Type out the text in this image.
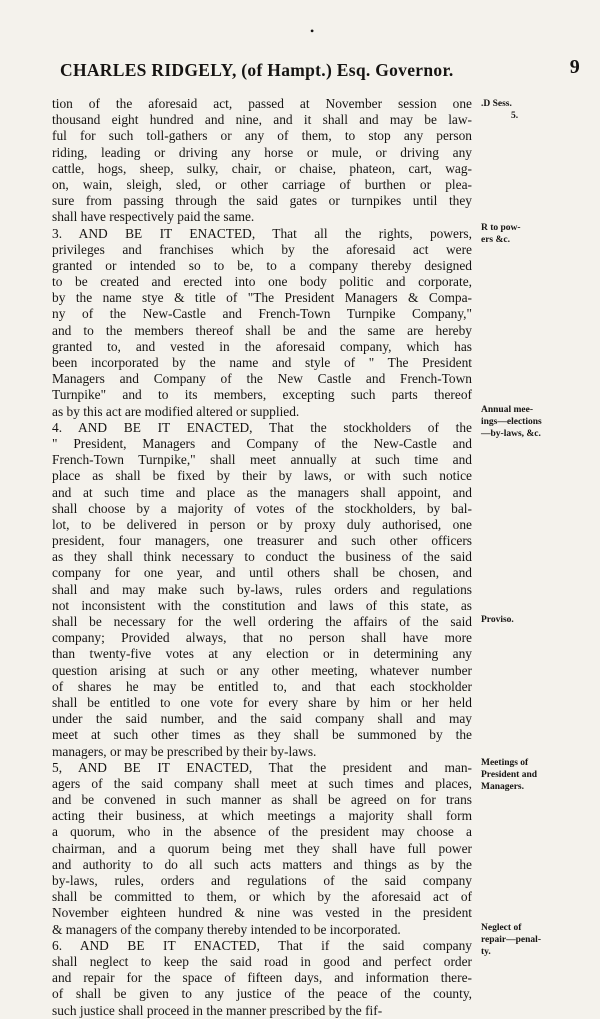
•
CHARLES RIDGELY, (of Hampt.) Esq. Governor.	9
tion of the aforesaid act, passed at November session one
thousand eight hundred and nine, and it shall and may be law-
ful for such toll-gathers or any of them, to stop any person
riding, leading or driving any horse or mule, or driving any
cattle, hogs, sheep, sulky, chair, or chaise, phateon, cart, wag-
on, wain, sleigh, sled, or other carriage of burthen or plea-
sure from passing through the said gates or turnpikes until they
shall have respectively paid the same.
3. AND BE IT ENACTED, That all the rights, powers,
privileges and franchises which by the aforesaid act were
granted or intended so to be, to a company thereby designed
to be created and erected into one body politic and corporate,
by the name stye & title of "The President Managers & Compa-
ny of the New-Castle and French-Town Turnpike Company,"
and to the members thereof shall be and the same are hereby
granted to, and vested in the aforesaid company, which has
been incorporated by the name and style of " The President
Managers and Company of the New Castle and French-Town
Turnpike" and to its members, excepting such parts thereof
as by this act are modified altered or supplied.
4. AND BE IT ENACTED, That the stockholders of the
" President, Managers and Company of the New-Castle and
French-Town Turnpike," shall meet annually at such time and
place as shall be fixed by their by laws, or with such notice
and at such time and place as the managers shall appoint, and
shall choose by a majority of votes of the stockholders, by bal-
lot, to be delivered in person or by proxy duly authorised, one
president, four managers, one treasurer and such other officers
as they shall think necessary to conduct the business of the said
company for one year, and until others shall be chosen, and
shall and may make such by-laws, rules orders and regulations
not inconsistent with the constitution and laws of this state, as
shall be necessary for the well ordering the affairs of the said
company; Provided always, that no person shall have more
than twenty-five votes at any election or in determining any
question arising at such or any other meeting, whatever number
of shares he may be entitled to, and that each stockholder
shall be entitled to one vote for every share by him or her held
under the said number, and the said company shall and may
meet at such other times as they shall be summoned by the
managers, or may be prescribed by their by-laws.
5, AND BE IT ENACTED, That the president and man-
agers of the said company shall meet at such times and places,
and be convened in such manner as shall be agreed on for trans
acting their business, at which meetings a majority shall form
a quorum, who in the absence of the president may choose a
chairman, and a quorum being met they shall have full power
and authority to do all such acts matters and things as by the
by-laws, rules, orders and regulations of the said company
shall be committed to them, or which by the aforesaid act of
November eighteen hundred & nine was vested in the president
& managers of the company thereby intended to be incorporated.
6. AND BE IT ENACTED, That if the said company
shall neglect to keep the said road in good and perfect order
and repair for the space of fifteen days, and information there-
of shall be given to any justice of the peace of the county,
such justice shall proceed in the manner prescribed by the fif-
.D Sess.
5.
R to pow-
ers &c.
Annual mee-
ings—elections
—by-laws, &c.
Proviso.
Meetings of
President and
Managers.
Neglect of
repair—penal-
ty.
